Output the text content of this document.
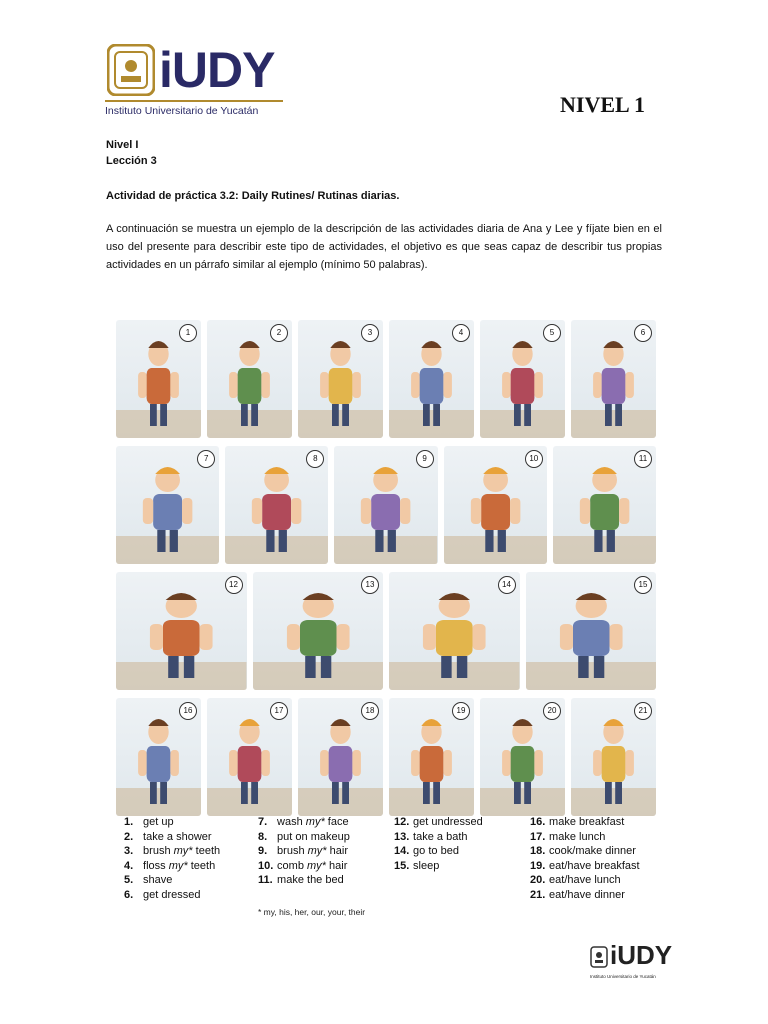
iUDY
Instituto Universitario de Yucatán	NIVEL 1
Nivel I
Lección 3
Actividad de práctica 3.2: Daily Rutines/ Rutinas diarias.
A continuación se muestra un ejemplo de la descripción de las actividades diaria de Ana y Lee y fíjate bien en el uso del presente para describir este tipo de actividades, el objetivo es que seas capaz de describir tus propias actividades en un párrafo similar al ejemplo (mínimo 50 palabras).
1	2	3	4	5	6
7	8	9	10	11
12	13	14	15
16	17	18	19	20	21
1. get up
2. take a shower
3. brush my* teeth
4. floss my* teeth
5. shave
6. get dressed
7. wash my* face
8. put on makeup
9. brush my* hair
10. comb my* hair
11. make the bed
12. get undressed
13. take a bath
14. go to bed
15. sleep
16. make breakfast
17. make lunch
18. cook/make dinner
19. eat/have breakfast
20. eat/have lunch
21. eat/have dinner
* my, his, her, our, your, their
iUDY
Instituto Universitario de Yucatán
